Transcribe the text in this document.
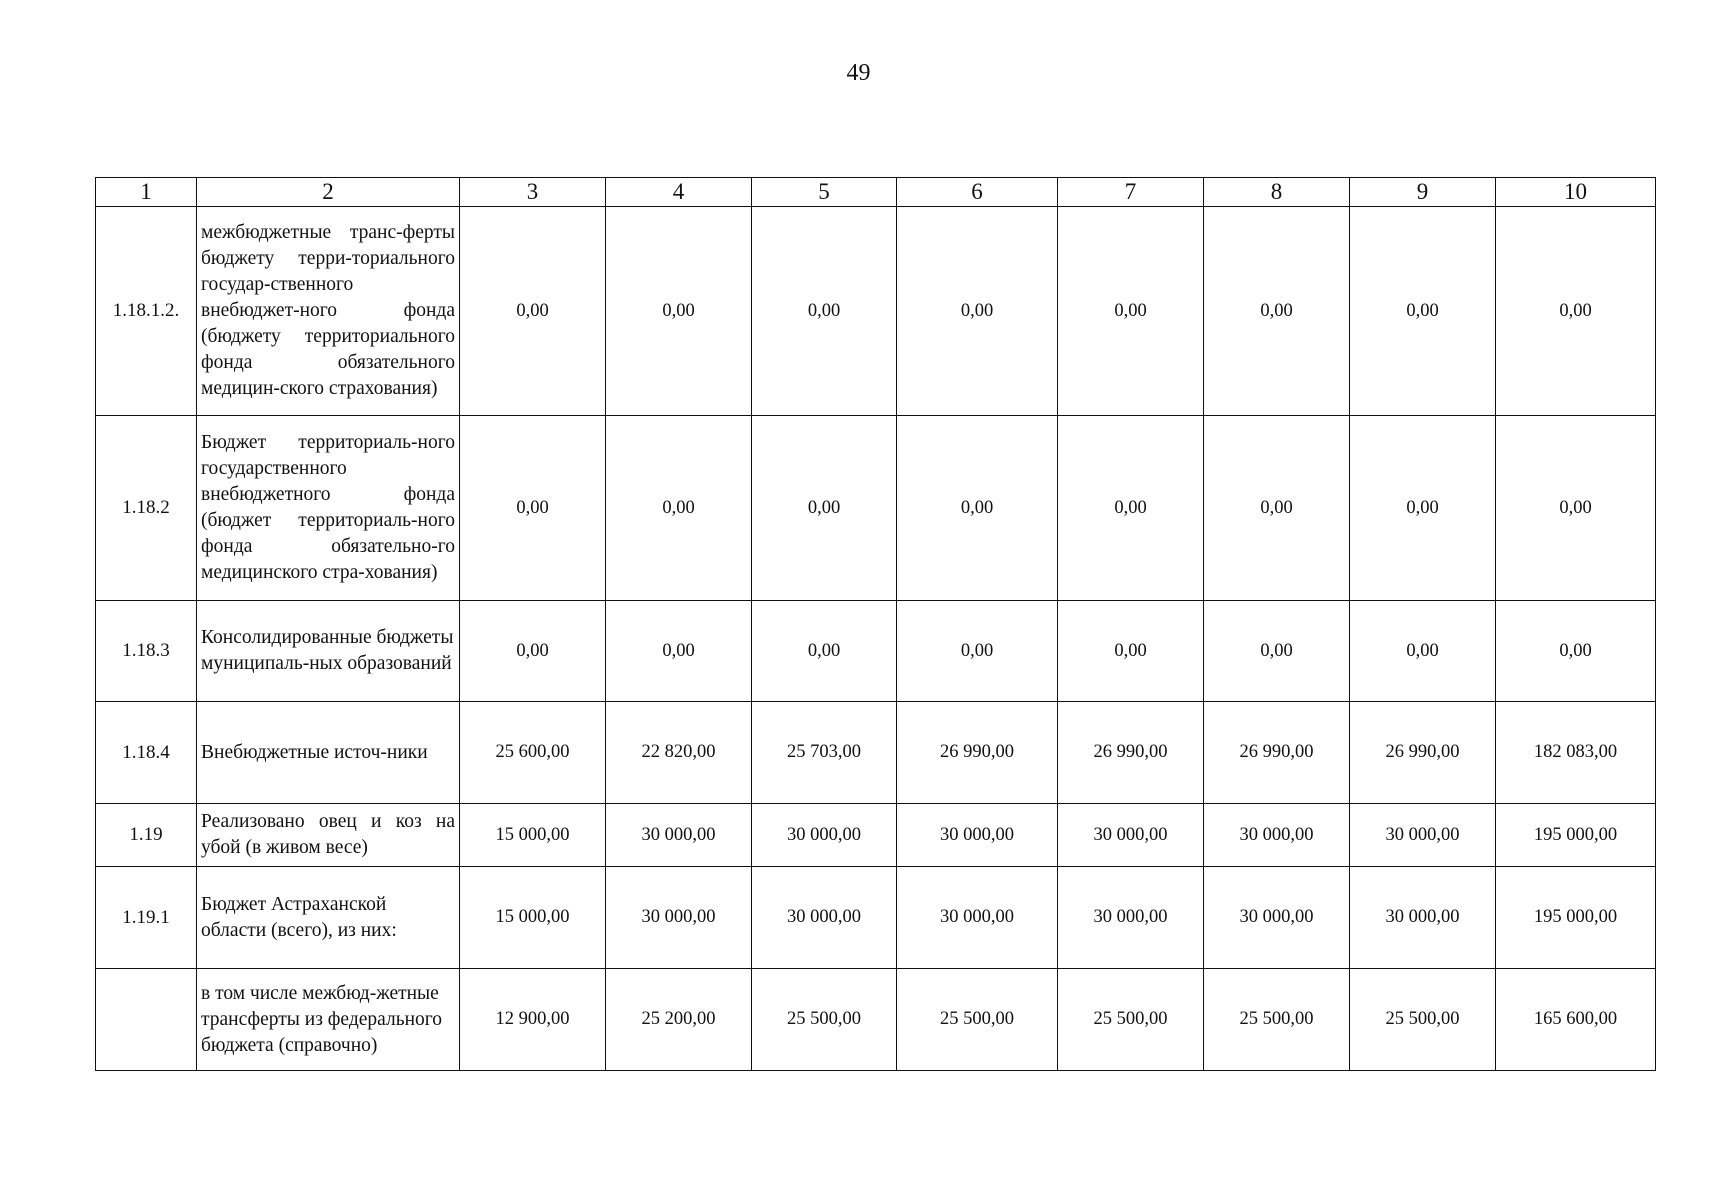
49
1	2	3	4	5	6	7	8	9	10
1.18.1.2.	межбюджетные транс-ферты бюджету терри-ториального государ-ственного внебюджет-ного фонда (бюджету территориального фонда обязательного медицин-ского страхования)	0,00	0,00	0,00	0,00	0,00	0,00	0,00	0,00
1.18.2	Бюджет территориаль-ного государственного внебюджетного фонда (бюджет территориаль-ного фонда обязательно-го медицинского стра-хования)	0,00	0,00	0,00	0,00	0,00	0,00	0,00	0,00
1.18.3	Консолидированные бюджеты муниципаль-ных образований	0,00	0,00	0,00	0,00	0,00	0,00	0,00	0,00
1.18.4	Внебюджетные источ-ники	25 600,00	22 820,00	25 703,00	26 990,00	26 990,00	26 990,00	26 990,00	182 083,00
1.19	Реализовано овец и коз на убой (в живом весе)	15 000,00	30 000,00	30 000,00	30 000,00	30 000,00	30 000,00	30 000,00	195 000,00
1.19.1	Бюджет Астраханской области (всего), из них:	15 000,00	30 000,00	30 000,00	30 000,00	30 000,00	30 000,00	30 000,00	195 000,00
	в том числе межбюд-жетные трансферты из федерального бюджета (справочно)	12 900,00	25 200,00	25 500,00	25 500,00	25 500,00	25 500,00	25 500,00	165 600,00
